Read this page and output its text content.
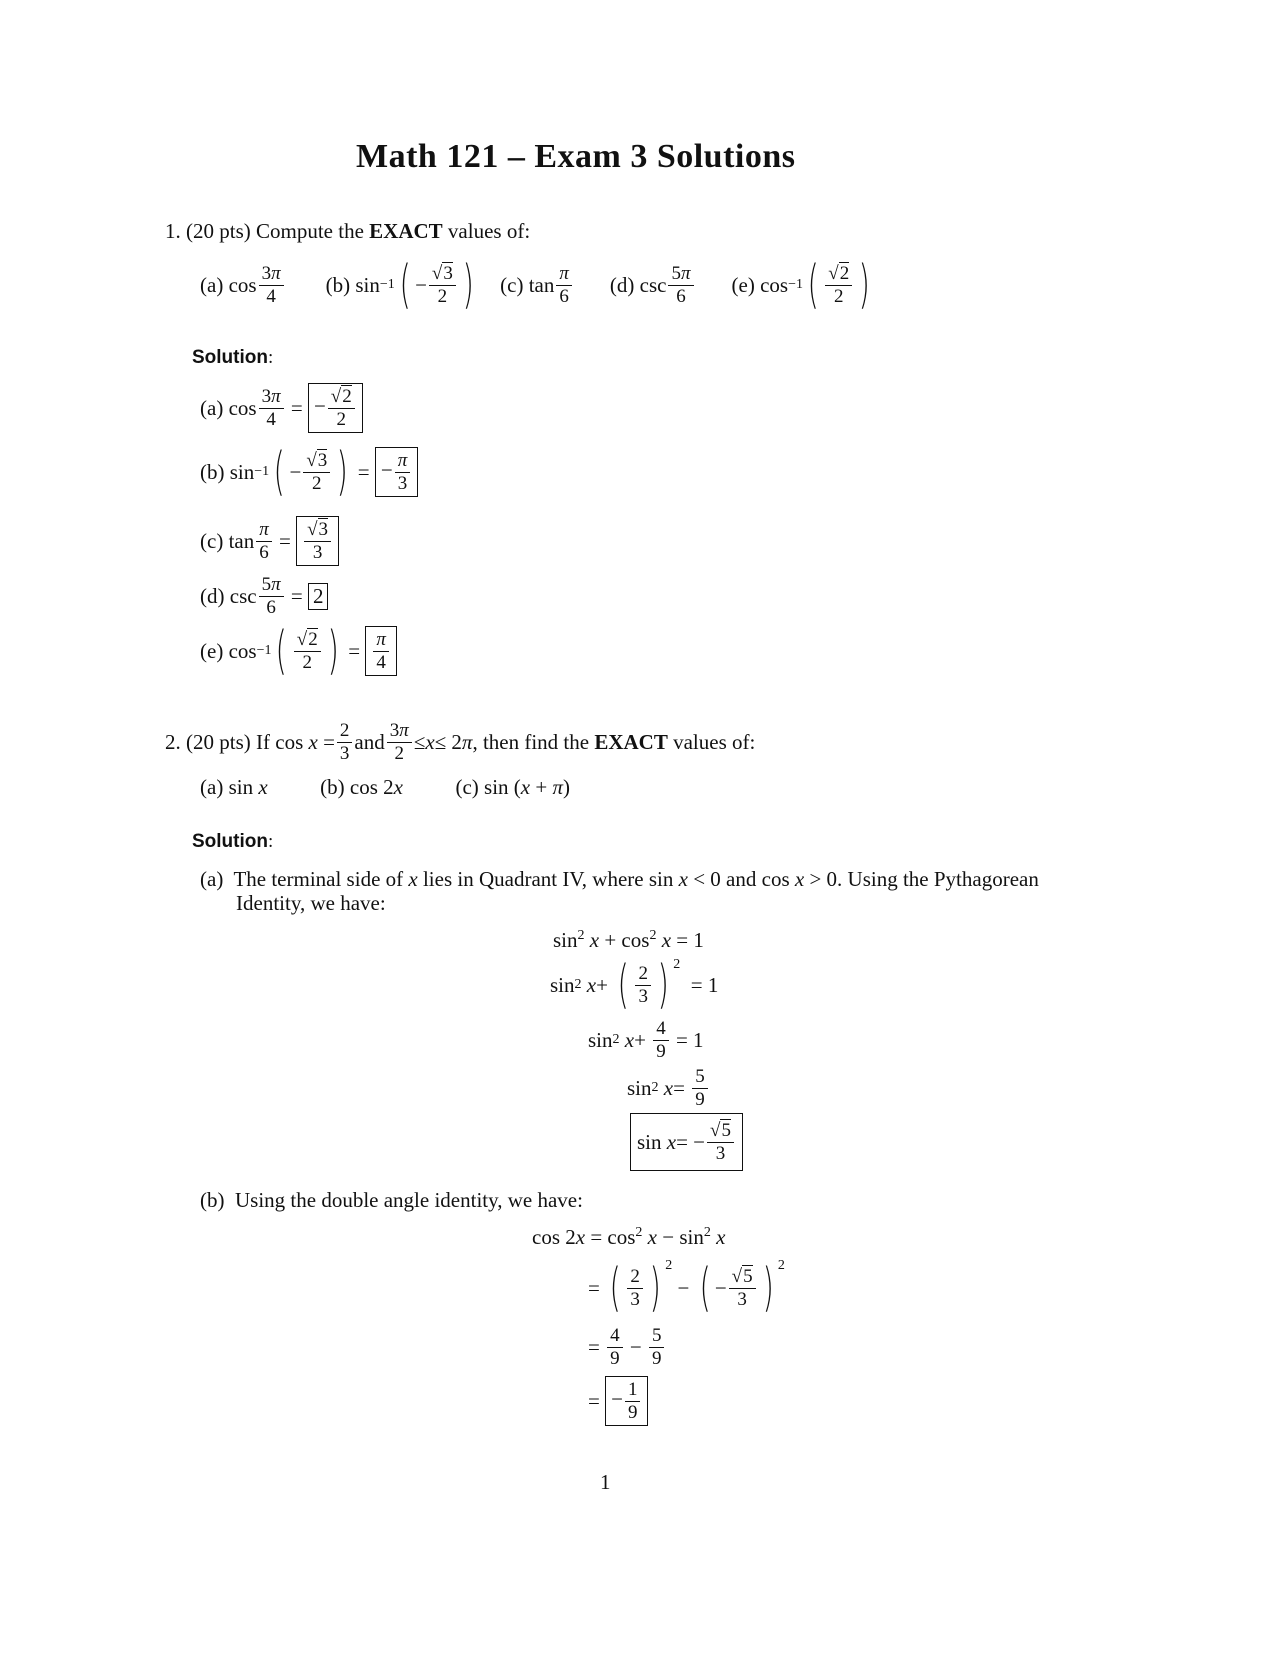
Math 121 – Exam 3 Solutions
1. (20 pts) Compute the EXACT values of:
(a) $\cos \frac{3\pi}{4} (b)$ sin −1 ( − $\frac{√3}{2}$ ) (c) $\tan \frac{\pi}{6} (d)$ $\csc \frac{5\pi}{6} (e)$ cos −1 ( $\frac{√2}{2}$ )
Solution:
(a) $\cos \frac{3\pi}{4}$ = − $\frac{√2}{2}$
(b) sin −1 ( − $\frac{√3}{2}$ ) = − $\frac{\pi}{3}$
(c) $\tan \frac{\pi}{6} = \frac{√3}{3}$
(d) $\csc \frac{5\pi}{6} = 2$
(e) cos −1 ( $\frac{√2}{2}$ ) = $\frac{\pi}{4}$
2.
(20 pts)
If $\cos x = \frac{2}{3}$ and $\frac{3\pi}{2} \le x \le 2$ π , then find the
EXACT
values of:
(a) sin x	(b) cos 2x	(c) sin (x + π)
Solution:
(a) The terminal side of x lies in Quadrant IV, where sin x < 0 and cos x > 0. Using the Pythagorean
Identity, we have:
$\sin^2 x + \cos^2 x = 1$
sin 2
x + ( $\frac{2}{3}$ ) $^2$
= 1
sin 2
$x + \frac{4}{9} = 1$
sin 2
$x = \frac{5}{9}$
sin x = − $\frac{√5}{3}$
(b) Using the double angle identity, we have:
$\cos 2x = \cos^2 x - \sin^2 x$
= ( $\frac{2}{3}$ ) $^2$
− ( − $\frac{√5}{3}$ ) $^2$
= $\frac{4}{9} - \frac{5}{9}$
= − $\frac{1}{9}$
1
